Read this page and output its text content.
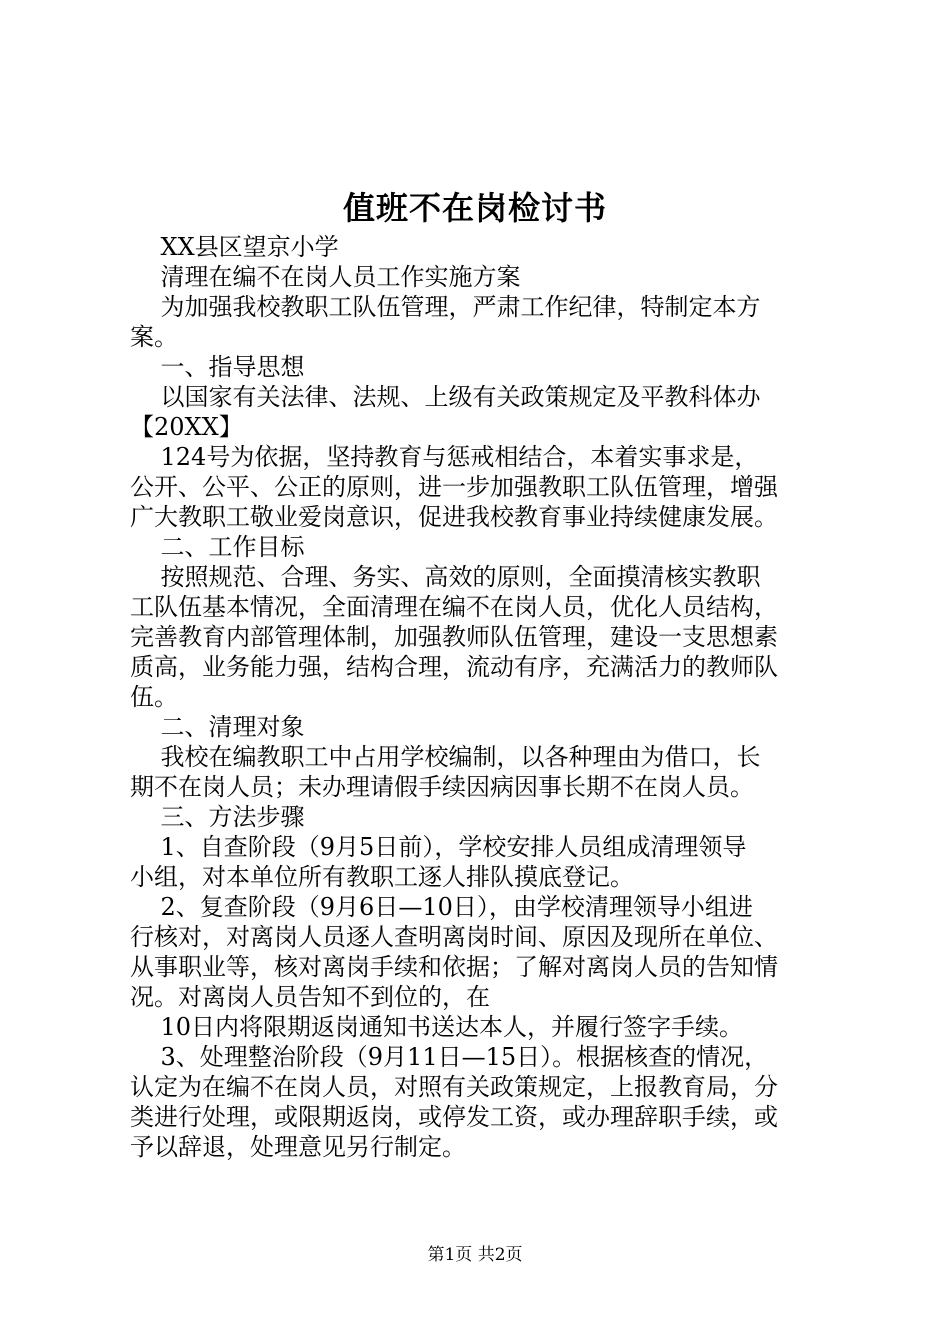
值班不在岗检讨书
XX县区望京小学
清理在编不在岗人员工作实施方案
为加强我校教职工队伍管理，严肃工作纪律，特制定本方
案。
一、指导思想
以国家有关法律、法规、上级有关政策规定及平教科体办
【20XX】
124号为依据，坚持教育与惩戒相结合，本着实事求是，
公开、公平、公正的原则，进一步加强教职工队伍管理，增强
广大教职工敬业爱岗意识，促进我校教育事业持续健康发展。
二、工作目标
按照规范、合理、务实、高效的原则，全面摸清核实教职
工队伍基本情况，全面清理在编不在岗人员，优化人员结构，
完善教育内部管理体制，加强教师队伍管理，建设一支思想素
质高，业务能力强，结构合理，流动有序，充满活力的教师队
伍。
二、清理对象
我校在编教职工中占用学校编制，以各种理由为借口，长
期不在岗人员；未办理请假手续因病因事长期不在岗人员。
三、方法步骤
1、自查阶段（9月5日前），学校安排人员组成清理领导
小组，对本单位所有教职工逐人排队摸底登记。
2、复查阶段（9月6日—10日），由学校清理领导小组进
行核对，对离岗人员逐人查明离岗时间、原因及现所在单位、
从事职业等，核对离岗手续和依据；了解对离岗人员的告知情
况。对离岗人员告知不到位的，在
10日内将限期返岗通知书送达本人，并履行签字手续。
3、处理整治阶段（9月11日—15日）。根据核查的情况，
认定为在编不在岗人员，对照有关政策规定，上报教育局，分
类进行处理，或限期返岗，或停发工资，或办理辞职手续，或
予以辞退，处理意见另行制定。
第1页 共2页
